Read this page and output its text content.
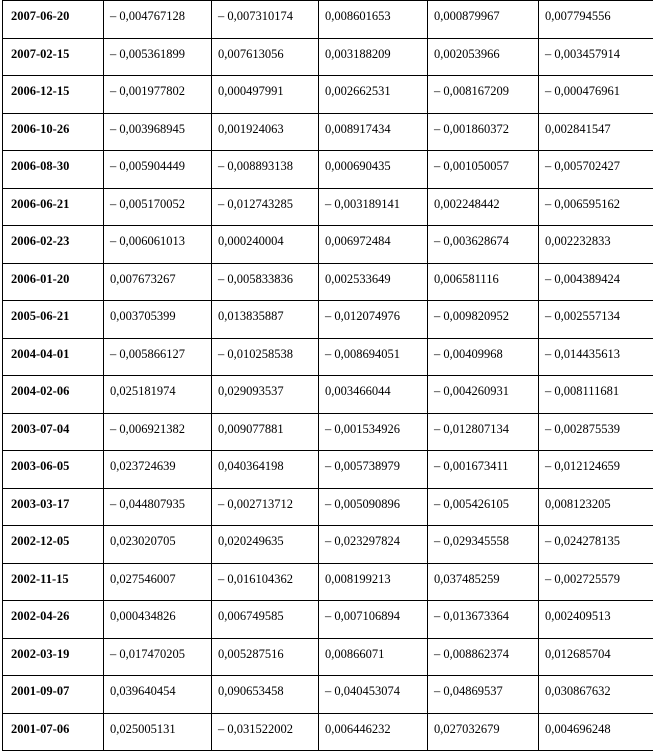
2007-06-20	– 0,004767128	– 0,007310174	0,008601653	0,000879967	0,007794556
2007-02-15	– 0,005361899	0,007613056	0,003188209	0,002053966	– 0,003457914
2006-12-15	– 0,001977802	0,000497991	0,002662531	– 0,008167209	– 0,000476961
2006-10-26	– 0,003968945	0,001924063	0,008917434	– 0,001860372	0,002841547
2006-08-30	– 0,005904449	– 0,008893138	0,000690435	– 0,001050057	– 0,005702427
2006-06-21	– 0,005170052	– 0,012743285	– 0,003189141	0,002248442	– 0,006595162
2006-02-23	– 0,006061013	0,000240004	0,006972484	– 0,003628674	0,002232833
2006-01-20	0,007673267	– 0,005833836	0,002533649	0,006581116	– 0,004389424
2005-06-21	0,003705399	0,013835887	– 0,012074976	– 0,009820952	– 0,002557134
2004-04-01	– 0,005866127	– 0,010258538	– 0,008694051	– 0,00409968	– 0,014435613
2004-02-06	0,025181974	0,029093537	0,003466044	– 0,004260931	– 0,008111681
2003-07-04	– 0,006921382	0,009077881	– 0,001534926	– 0,012807134	– 0,002875539
2003-06-05	0,023724639	0,040364198	– 0,005738979	– 0,001673411	– 0,012124659
2003-03-17	– 0,044807935	– 0,002713712	– 0,005090896	– 0,005426105	0,008123205
2002-12-05	0,023020705	0,020249635	– 0,023297824	– 0,029345558	– 0,024278135
2002-11-15	0,027546007	– 0,016104362	0,008199213	0,037485259	– 0,002725579
2002-04-26	0,000434826	0,006749585	– 0,007106894	– 0,013673364	0,002409513
2002-03-19	– 0,017470205	0,005287516	0,00866071	– 0,008862374	0,012685704
2001-09-07	0,039640454	0,090653458	– 0,040453074	– 0,04869537	0,030867632
2001-07-06	0,025005131	– 0,031522002	0,006446232	0,027032679	0,004696248
